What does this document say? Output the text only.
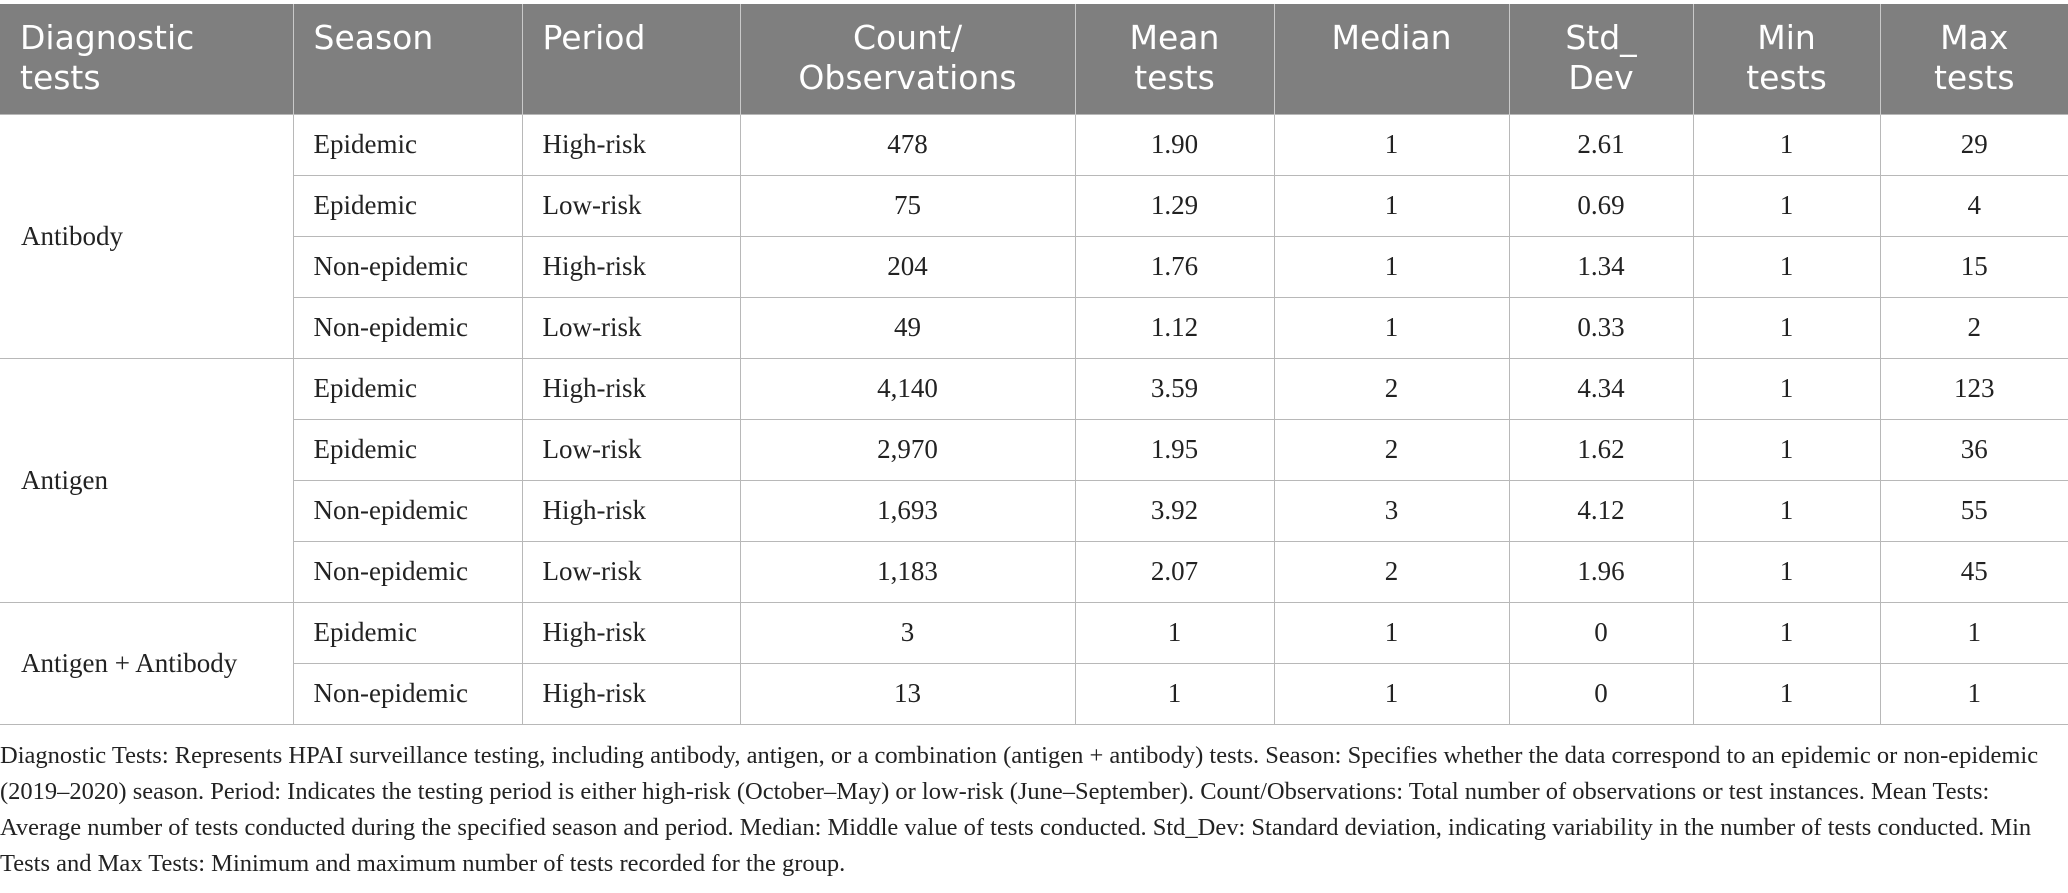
Diagnostic tests	Season	Period	Count/ Observations	Mean tests	Median	Std_ Dev	Min tests	Max tests
Antibody	Epidemic	High-risk	478	1.90	1	2.61	1	29
	Epidemic	Low-risk	75	1.29	1	0.69	1	4
	Non-epidemic	High-risk	204	1.76	1	1.34	1	15
	Non-epidemic	Low-risk	49	1.12	1	0.33	1	2
Antigen	Epidemic	High-risk	4,140	3.59	2	4.34	1	123
	Epidemic	Low-risk	2,970	1.95	2	1.62	1	36
	Non-epidemic	High-risk	1,693	3.92	3	4.12	1	55
	Non-epidemic	Low-risk	1,183	2.07	2	1.96	1	45
Antigen + Antibody	Epidemic	High-risk	3	1	1	0	1	1
	Non-epidemic	High-risk	13	1	1	0	1	1

Diagnostic Tests: Represents HPAI surveillance testing, including antibody, antigen, or a combination (antigen + antibody) tests. Season: Specifies whether the data correspond to an epidemic or non-epidemic (2019–2020) season. Period: Indicates the testing period is either high-risk (October–May) or low-risk (June–September). Count/Observations: Total number of observations or test instances. Mean Tests: Average number of tests conducted during the specified season and period. Median: Middle value of tests conducted. Std_Dev: Standard deviation, indicating variability in the number of tests conducted. Min Tests and Max Tests: Minimum and maximum number of tests recorded for the group.
